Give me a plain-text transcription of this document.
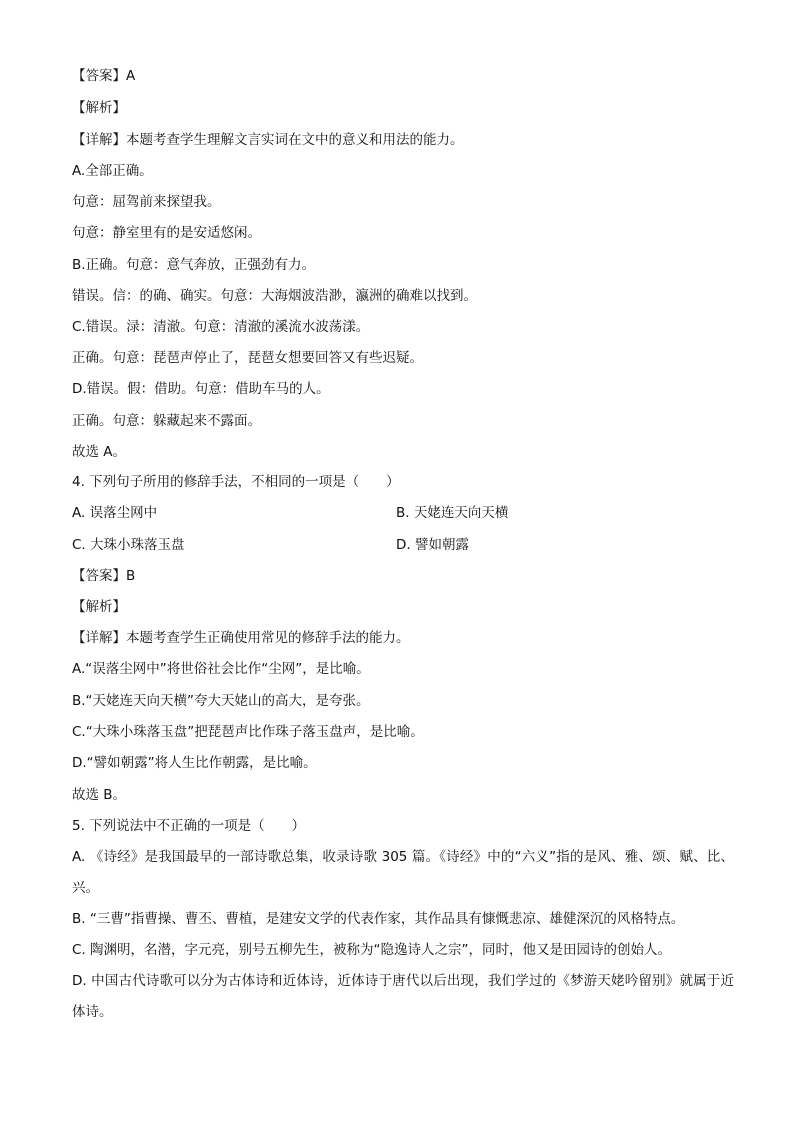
【答案】A
【解析】
【详解】本题考查学生理解文言实词在文中的意义和用法的能力。
A.全部正确。
句意：屈驾前来探望我。
句意：静室里有的是安适悠闲。
B.正确。句意：意气奔放，正强劲有力。
错误。信：的确、确实。句意：大海烟波浩渺，瀛洲的确难以找到。
C.错误。渌：清澈。句意：清澈的溪流水波荡漾。
正确。句意：琵琶声停止了，琵琶女想要回答又有些迟疑。
D.错误。假：借助。句意：借助车马的人。
正确。句意：躲藏起来不露面。
故选 A。
4. 下列句子所用的修辞手法，不相同的一项是（　　）
A. 误落尘网中	B. 天姥连天向天横
C. 大珠小珠落玉盘	D. 譬如朝露
【答案】B
【解析】
【详解】本题考查学生正确使用常见的修辞手法的能力。
A.“误落尘网中”将世俗社会比作“尘网”，是比喻。
B.“天姥连天向天横”夸大天姥山的高大，是夸张。
C.“大珠小珠落玉盘”把琵琶声比作珠子落玉盘声，是比喻。
D.“譬如朝露”将人生比作朝露，是比喻。
故选 B。
5. 下列说法中不正确的一项是（　　）
A. 《诗经》是我国最早的一部诗歌总集，收录诗歌 305 篇。《诗经》中的“六义”指的是风、雅、颂、赋、比、兴。
B. “三曹”指曹操、曹丕、曹植，是建安文学的代表作家，其作品具有慷慨悲凉、雄健深沉的风格特点。
C. 陶渊明，名潜，字元亮，别号五柳先生，被称为“隐逸诗人之宗”，同时，他又是田园诗的创始人。
D. 中国古代诗歌可以分为古体诗和近体诗，近体诗于唐代以后出现，我们学过的《梦游天姥吟留别》就属于近体诗。
